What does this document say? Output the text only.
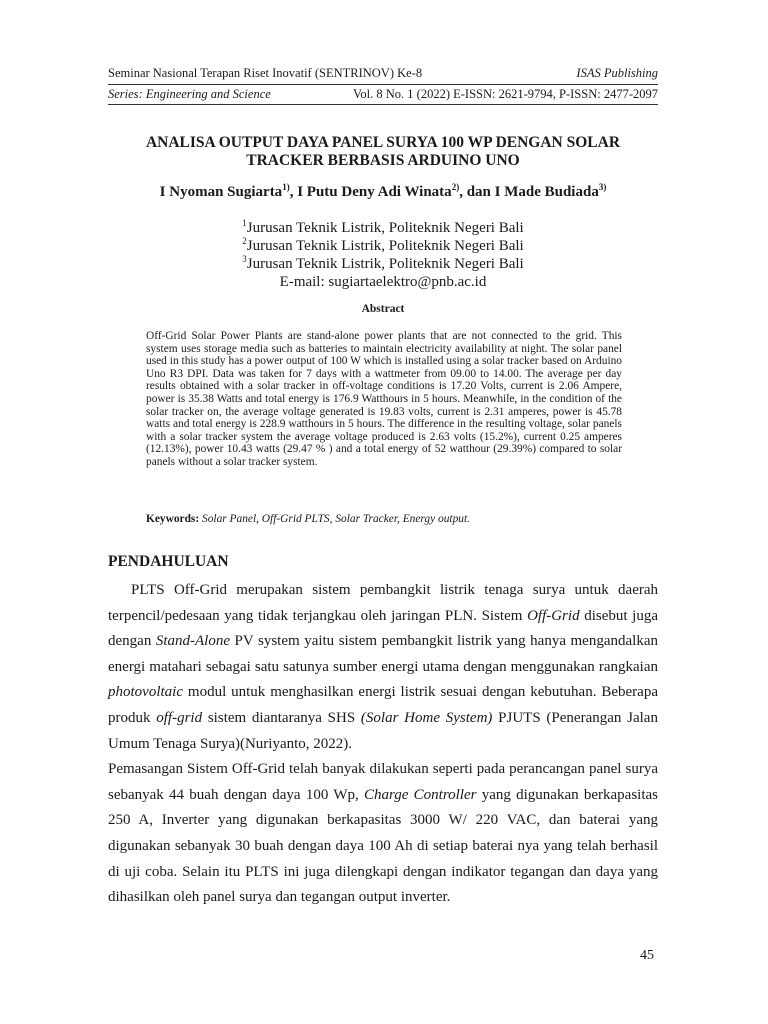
Seminar Nasional Terapan Riset Inovatif (SENTRINOV) Ke-8	ISAS Publishing
Series: Engineering and Science	Vol. 8 No. 1 (2022) E-ISSN: 2621-9794, P-ISSN: 2477-2097
ANALISA OUTPUT DAYA PANEL SURYA 100 WP DENGAN SOLAR
TRACKER BERBASIS ARDUINO UNO
I Nyoman Sugiarta$^{1)}$, I Putu Deny Adi Winata$^{2)}$, dan I Made Budiada$^{3)}$
$^1$Jurusan Teknik Listrik, Politeknik Negeri Bali
$^2$Jurusan Teknik Listrik, Politeknik Negeri Bali
$^3$Jurusan Teknik Listrik, Politeknik Negeri Bali
E-mail: sugiartaelektro@pnb.ac.id
Abstract

Off-Grid Solar Power Plants are stand-alone power plants that are not connected to the grid. This system uses storage media such as batteries to maintain electricity availability at night. The solar panel used in this study has a power output of 100 W which is installed using a solar tracker based on Arduino Uno R3 DPI. Data was taken for 7 days with a wattmeter from 09.00 to 14.00. The average per day results obtained with a solar tracker in off-voltage conditions is 17.20 Volts, current is 2.06 Ampere, power is 35.38 Watts and total energy is 176.9 Watthours in 5 hours. Meanwhile, in the condition of the solar tracker on, the average voltage generated is 19.83 volts, current is 2.31 amperes, power is 45.78 watts and total energy is 228.9 watthours in 5 hours. The difference in the resulting voltage, solar panels with a solar tracker system the average voltage produced is 2.63 volts (15.2%), current 0.25 amperes (12.13%), power 10.43 watts (29.47 % ) and a total energy of 52 watthour (29.39%) compared to solar panels without a solar tracker system.

Keywords: Solar Panel, Off-Grid PLTS, Solar Tracker, Energy output.
PENDAHULUAN

PLTS Off-Grid merupakan sistem pembangkit listrik tenaga surya untuk daerah terpencil/pedesaan yang tidak terjangkau oleh jaringan PLN. Sistem Off-Grid disebut juga dengan Stand-Alone PV system yaitu sistem pembangkit listrik yang hanya mengandalkan energi matahari sebagai satu satunya sumber energi utama dengan menggunakan rangkaian photovoltaic modul untuk menghasilkan energi listrik sesuai dengan kebutuhan. Beberapa produk off-grid sistem diantaranya SHS (Solar Home System) PJUTS (Penerangan Jalan Umum Tenaga Surya)(Nuriyanto, 2022).

Pemasangan Sistem Off-Grid telah banyak dilakukan seperti pada perancangan panel surya sebanyak 44 buah dengan daya 100 Wp, Charge Controller yang digunakan berkapasitas 250 A, Inverter yang digunakan berkapasitas 3000 W/ 220 VAC, dan baterai yang digunakan sebanyak 30 buah dengan daya 100 Ah di setiap baterai nya yang telah berhasil di uji coba. Selain itu PLTS ini juga dilengkapi dengan indikator tegangan dan daya yang dihasilkan oleh panel surya dan tegangan output inverter.

45
